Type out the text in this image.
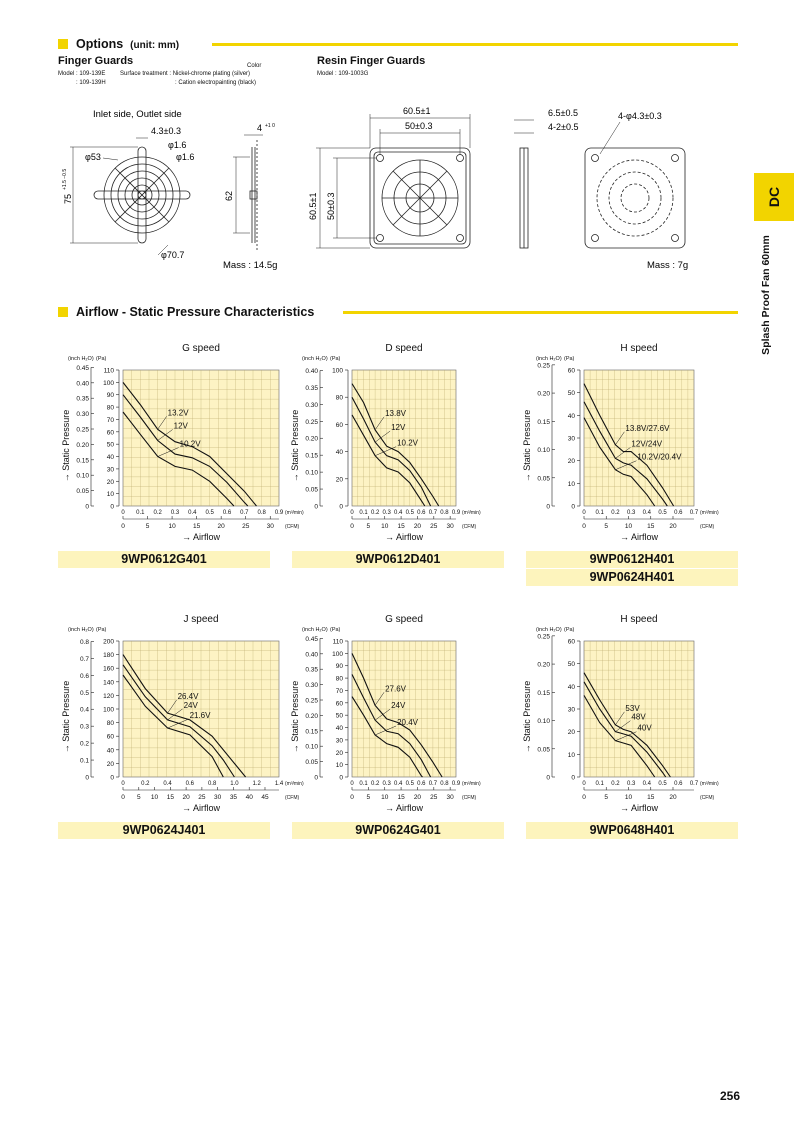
DC
Splash Proof Fan 60mm
Options (unit: mm)
Finger Guards	Color
Model : 109-139E Surface treatment : Nickel-chrome plating (silver)
: 109-139H	: Cation electropainting (black)
Resin Finger Guards
Model : 109-1003G
Inlet side, Outlet side
4.3±0.3
φ1.6
φ1.6
φ53
φ70.7
75
+1.5 −0.5
62
4 +1 0
Mass : 14.5g
60.5±1
50±0.3
60.5±1 50±0.3
6.5±0.5
4-2±0.5
4-φ4.3±0.3
Mass : 7g
Airflow - Static Pressure Characteristics
G speed
(inch H₂O) (Pa)
0
10
20
30
40
50
60
70
80
90
100
110
0
0.05
0.10
0.15
0.20
0.25
0.30
0.35
0.40
0.45
→ Static Pressure
0 0.1 0.2 0.3 0.4 0.5 0.6 0.7 0.8 0.9 (m³/min)
0	5	10	15	20	25	30 (CFM)
→ Airflow
13.2V
12V
10.2V
D speed
(inch H₂O) (Pa)
0
20
40
60
80
100
0
0.05
0.10
0.15
0.20
0.25
0.30
0.35
0.40
→ Static Pressure
0 0.1 0.2 0.3 0.4 0.5 0.6 0.7 0.8 0.9 (m³/min)
0 5 10 15 20 25 30 (CFM)
→ Airflow
13.8V
12V
10.2V
H speed
(inch H₂O) (Pa)
0
10
20
30
40
50
60
0
0.05
0.10
0.15
0.20
0.25
→ Static Pressure
0 0.1 0.2 0.3 0.4 0.5 0.6 0.7 (m³/min)
0	5	10 15 20	(CFM)
→ Airflow
13.8V/27.6V
12V/24V
10.2V/20.4V
J speed
(inch H₂O) (Pa)
0
20
40
60
80
100
120
140
160
180
200
0
0.1
0.2
0.3
0.4
0.5
0.6
0.7
0.8
→ Static Pressure
0	0.2 0.4 0.6 0.8 1.0 1.2 1.4 (m³/min)
0 5 10 15 20 25 30 35 40 45	(CFM)
→ Airflow
26.4V
24V
21.6V
G speed
(inch H₂O) (Pa)
0
10
20
30
40
50
60
70
80
90
100
110
0
0.05
0.10
0.15
0.20
0.25
0.30
0.35
0.40
0.45
→ Static Pressure
0 0.1 0.2 0.3 0.4 0.5 0.6 0.7 0.8 0.9 (m³/min)
0 5 10 15 20 25 30 (CFM)
→ Airflow
27.6V
24V
20.4V
H speed
(inch H₂O) (Pa)
0
10
20
30
40
50
60
0
0.05
0.10
0.15
0.20
0.25
→ Static Pressure
0 0.1 0.2 0.3 0.4 0.5 0.6 0.7 (m³/min)
0	5	10 15 20	(CFM)
→ Airflow
53V
48V
40V
256
9WP0612G401	9WP0612D401	9WP0612H401
9WP0624H401
9WP0624J401	9WP0624G401	9WP0648H401
